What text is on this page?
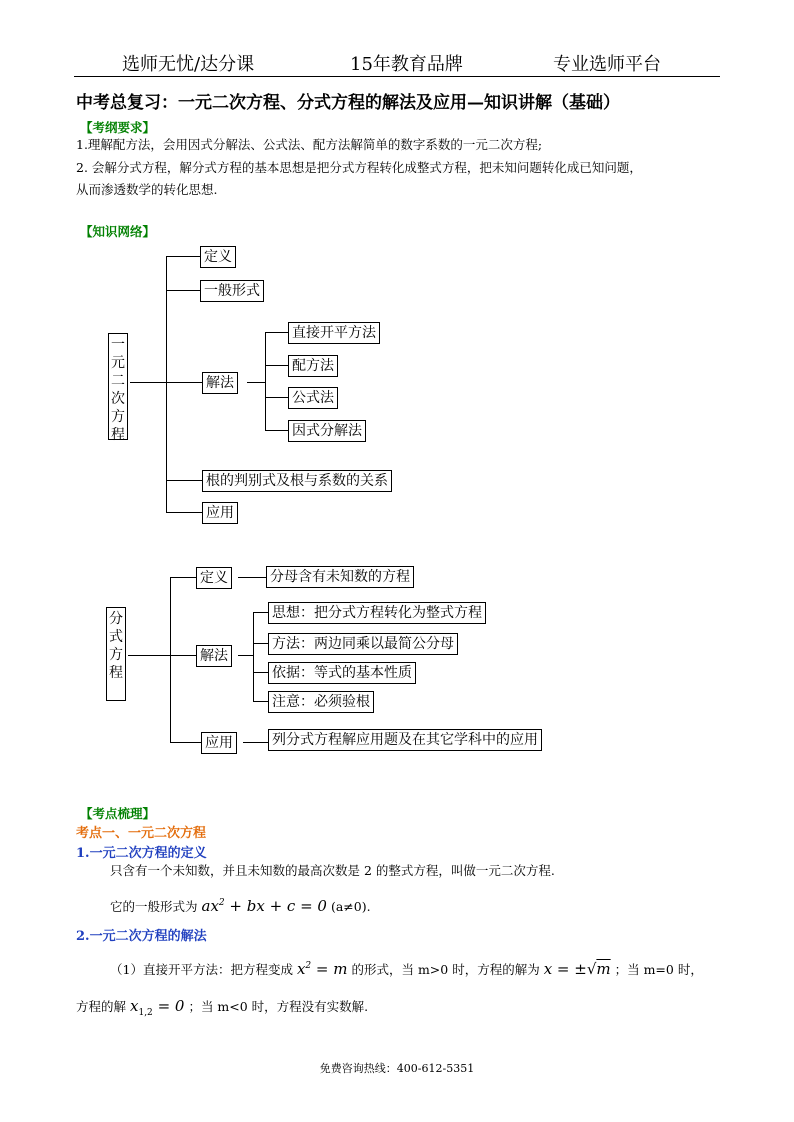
选师无忧/达分课	15年教育品牌	专业选师平台
中考总复习：一元二次方程、分式方程的解法及应用—知识讲解（基础）
【考纲要求】
1.理解配方法，会用因式分解法、公式法、配方法解简单的数字系数的一元二次方程;
2. 会解分式方程，解分式方程的基本思想是把分式方程转化成整式方程，把未知问题转化成已知问题，
从而渗透数学的转化思想.
【知识网络】
一元二次方程
定义
一般形式
解法
直接开平方法
配方法
公式法
因式分解法
根的判别式及根与系数的关系
应用
分式方程
定义	分母含有未知数的方程
解法
思想：把分式方程转化为整式方程
方法：两边同乘以最简公分母
依据：等式的基本性质
注意：必须验根
应用	列分式方程解应用题及在其它学科中的应用
【考点梳理】
考点一、一元二次方程
1.一元二次方程的定义
只含有一个未知数，并且未知数的最高次数是 2 的整式方程，叫做一元二次方程.
它的一般形式为 $ax^2$ + bx + c = 0 (a≠0).
2.一元二次方程的解法
（1）直接开平方法：把方程变成 $x^2 = m$ 的形式，当 m>0 时，方程的解为 x = ±√m ；当 m=0 时，
方程的解 $x_{1,2} = 0$ ；当 m<0 时，方程没有实数解.
免费咨询热线：400-612-5351
